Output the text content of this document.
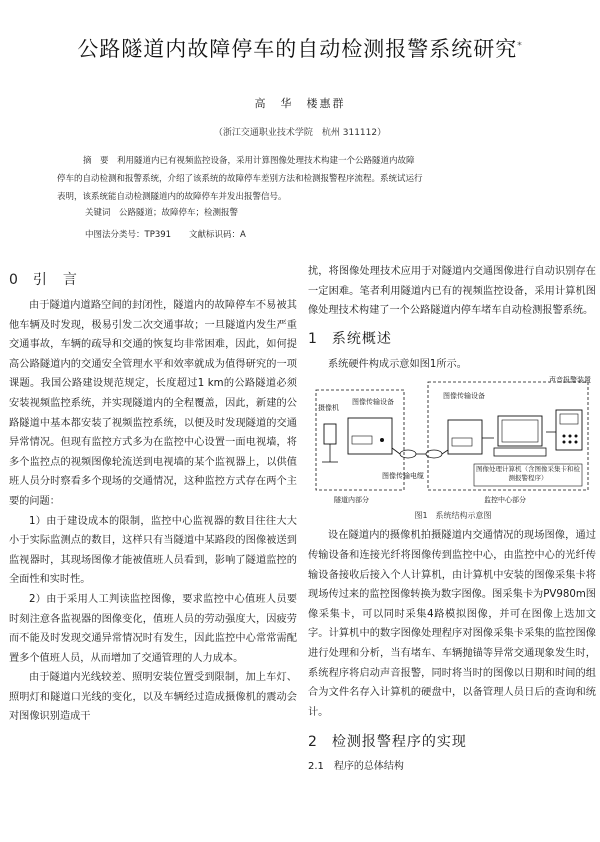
公路隧道内故障停车的自动检测报警系统研究*
高　华　楼惠群
（浙江交通职业技术学院　杭州 311112）

摘　要　 利用隧道内已有视频监控设备，采用计算图像处理技术构建一个公路隧道内故障

停车的自动检测和报警系统，介绍了该系统的故障停车差别方法和检测报警程序流程。系统试运行
表明，该系统能自动检测隧道内的故障停车并发出报警信号。
关键词　公路隧道；故障停车；检测报警
中图法分类号：TP391 文献标识码：A
0 引　言

由于隧道内道路空间的封闭性，隧道内的故障停车不易被其他车辆及时发现，极易引发二次交通事故；一旦隧道内发生严重交通事故，车辆的疏导和交通的恢复均非常困难，因此，如何提高公路隧道内的交通安全管理水平和效率就成为值得研究的一项课题。我国公路建设规范规定，长度超过1 km的公路隧道必须安装视频监控系统，并实现隧道内的全程覆盖，因此，新建的公路隧道中基本都安装了视频监控系统，以便及时发现隧道的交通异常情况。但现有监控方式多为在监控中心设置一面电视墙，将多个监控点的视频图像轮流送到电视墙的某个监视器上，以供值班人员分时察看多个现场的交通情况，这种监控方式存在两个主要的问题：

1）由于建设成本的限制，监控中心监视器的数目往往大大小于实际监测点的数目，这样只有当隧道中某路段的图像被送到监视器时，其现场图像才能被值班人员看到，影响了隧道监控的全面性和实时性。

2）由于采用人工判读监控图像，要求监控中心值班人员要时刻注意各监视器的图像变化，值班人员的劳动强度大，因疲劳而不能及时发现交通异常情况时有发生，因此监控中心常常需配置多个值班人员，从而增加了交通管理的人力成本。

由于隧道内光线较差、照明安装位置受到限制，加上车灯、照明灯和隧道口光线的变化，以及车辆经过造成摄像机的震动会对图像识别造成干

扰，将图像处理技术应用于对隧道内交通图像进行自动识别存在一定困难。笔者利用隧道内已有的视频监控设备，采用计算机图像处理技术构建了一个公路隧道内停车堵车自动检测报警系统。

1 系统概述

系统硬件构成示意如图1所示。

摄像机
图像传输设备
图像传输电缆
图像传输设备
声音报警装置
图像处理计算机（含图像采集卡和检测报警程序）
隧道内部分	监控中心部分
图1　系统结构示意图

设在隧道内的摄像机拍摄隧道内交通情况的现场图像，通过传输设备和连接光纤将图像传到监控中心，由监控中心的光纤传输设备接收后接入个人计算机，由计算机中安装的图像采集卡将现场传过来的监控图像转换为数字图像。图采集卡为PV980m图像采集卡，可以同时采集4路模拟图像，并可在图像上迭加文字。计算机中的数字图像处理程序对图像采集卡采集的监控图像进行处理和分析，当有堵车、车辆抛锚等异常交通现象发生时，系统程序将启动声音报警，同时将当时的图像以日期和时间的组合为文件名存入计算机的硬盘中，以备管理人员日后的查询和统计。

2 检测报警程序的实现
2.1　程序的总体结构
